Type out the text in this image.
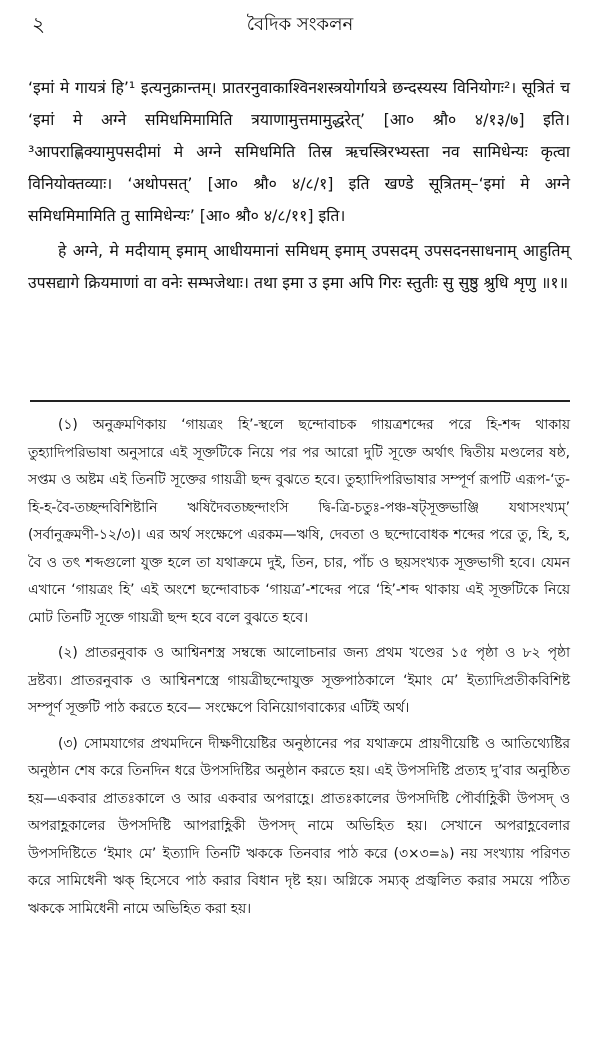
২	বৈদিক সংকলন

‘इमां मे गायत्रं हि’¹ इत्यनुक्रान्तम्। प्रातरनुवाकाश्विनशस्त्रयोर्गायत्रे छन्दस्यस्य विनियोगः²। सूत्रितं च ‘इमां मे अग्ने समिधमिमामिति त्रयाणामुत्तमामुद्धरेत्’ [आ० श्रौ० ४/१३/७] इति। ³आपराह्णिक्यामुपसदीमां मे अग्ने समिधमिति तिस्र ऋचस्त्रिरभ्यस्ता नव सामिधेन्यः कृत्वा विनियोक्तव्याः। ‘अथोपसत्’ [आ० श्रौ० ४/८/१] इति खण्डे सूत्रितम्–‘इमां मे अग्ने समिधमिमामिति तु सामिधेन्यः’ [आ० श्रौ० ४/८/११] इति।

हे अग्ने, मे मदीयाम् इमाम् आधीयमानां समिधम् इमाम् उपसदम् उपसदनसाधनाम् आहुतिम् उपसद्यागे क्रियमाणां वा वनेः सम्भजेथाः। तथा इमा उ इमा अपि गिरः स्तुतीः सु सुष्ठु श्रुधि शृणु ॥१॥

(১) অনুক্রমণিকায় ‘গায়ত্রং হি’-স্থলে ছন্দোবাচক গায়ত্রশব্দের পরে হি-শব্দ থাকায় তুহ্যাদিপরিভাষা অনুসারে এই সূক্তটিকে নিয়ে পর পর আরো দুটি সূক্তে অর্থাৎ দ্বিতীয় মণ্ডলের ষষ্ঠ, সপ্তম ও অষ্টম এই তিনটি সূক্তের গায়ত্রী ছন্দ বুঝতে হবে। তুহ্যাদিপরিভাষার সম্পূর্ণ রূপটি এরূপ-‘তু-হি-হ-বৈ-তচ্ছন্দবিশিষ্টানি ঋষিদৈবতচ্ছন্দাংসি দ্বি-ত্রি-চতুঃ-পঞ্চ-ষট্সূক্তভাঞ্জি যথাসংখ্যম্’ (সর্বানুক্রমণী-১২/৩)। এর অর্থ সংক্ষেপে এরকম—ঋষি, দেবতা ও ছন্দোবোধক শব্দের পরে তু, হি, হ, বৈ ও তৎ শব্দগুলো যুক্ত হলে তা যথাক্রমে দুই, তিন, চার, পাঁচ ও ছয়সংখ্যক সূক্তভাগী হবে। যেমন এখানে ‘গায়ত্রং হি’ এই অংশে ছন্দোবাচক ‘গায়ত্র’-শব্দের পরে ‘হি’-শব্দ থাকায় এই সূক্তটিকে নিয়ে মোট তিনটি সূক্তে গায়ত্রী ছন্দ হবে বলে বুঝতে হবে।

(২) প্রাতরনুবাক ও আশ্বিনশস্ত্র সম্বন্ধে আলোচনার জন্য প্রথম খণ্ডের ১৫ পৃষ্ঠা ও ৮২ পৃষ্ঠা দ্রষ্টব্য। প্রাতরনুবাক ও আশ্বিনশস্ত্রে গায়ত্রীছন্দোযুক্ত সূক্তপাঠকালে ‘ইমাং মে’ ইত্যাদিপ্রতীকবিশিষ্ট সম্পূর্ণ সূক্তটি পাঠ করতে হবে— সংক্ষেপে বিনিয়োগবাক্যের এটিই অর্থ।

(৩) সোমযাগের প্রথমদিনে দীক্ষণীয়েষ্টির অনুষ্ঠানের পর যথাক্রমে প্রায়ণীয়েষ্টি ও আতিথ্যেষ্টির অনুষ্ঠান শেষ করে তিনদিন ধরে উপসদিষ্টির অনুষ্ঠান করতে হয়। এই উপসদিষ্টি প্রত্যহ দু’বার অনুষ্ঠিত হয়—একবার প্রাতঃকালে ও আর একবার অপরাহ্ণে। প্রাতঃকালের উপসদিষ্টি পৌর্বাহ্ণিকী উপসদ্ ও অপরাহ্ণকালের উপসদিষ্টি আপরাহ্ণিকী উপসদ্ নামে অভিহিত হয়। সেখানে অপরাহ্ণবেলার উপসদিষ্টিতে ‘ইমাং মে’ ইত্যাদি তিনটি ঋককে তিনবার পাঠ করে (৩×৩=৯) নয় সংখ্যায় পরিণত করে সামিধেনী ঋক্ হিসেবে পাঠ করার বিধান দৃষ্ট হয়। অগ্নিকে সম্যক্ প্রজ্বলিত করার সময়ে পঠিত ঋককে সামিধেনী নামে অভিহিত করা হয়।
